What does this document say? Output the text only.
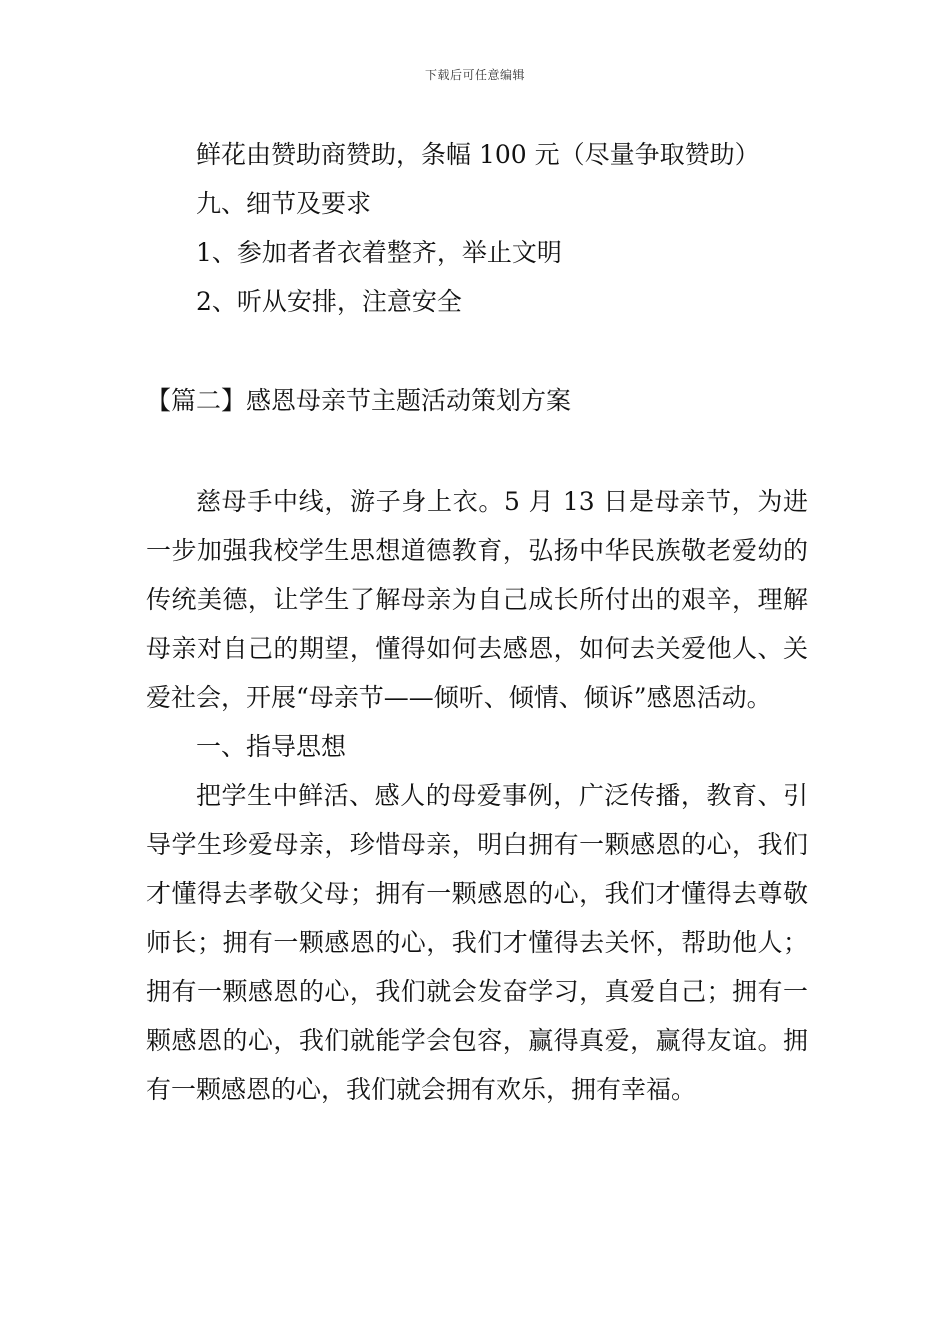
下载后可任意编辑

鲜花由赞助商赞助，条幅 100 元（尽量争取赞助）

九、细节及要求

1、参加者者衣着整齐，举止文明

2、听从安排，注意安全

【篇二】感恩母亲节主题活动策划方案

慈母手中线，游子身上衣。5 月 13 日是母亲节，为进一步加强我校学生思想道德教育，弘扬中华民族敬老爱幼的传统美德，让学生了解母亲为自己成长所付出的艰辛，理解母亲对自己的期望，懂得如何去感恩，如何去关爱他人、关爱社会，开展“母亲节——倾听、倾情、倾诉”感恩活动。

一、指导思想

把学生中鲜活、感人的母爱事例，广泛传播，教育、引导学生珍爱母亲，珍惜母亲，明白拥有一颗感恩的心，我们才懂得去孝敬父母；拥有一颗感恩的心，我们才懂得去尊敬师长；拥有一颗感恩的心，我们才懂得去关怀，帮助他人；拥有一颗感恩的心，我们就会发奋学习，真爱自己；拥有一颗感恩的心，我们就能学会包容，赢得真爱，赢得友谊。拥有一颗感恩的心，我们就会拥有欢乐，拥有幸福。
